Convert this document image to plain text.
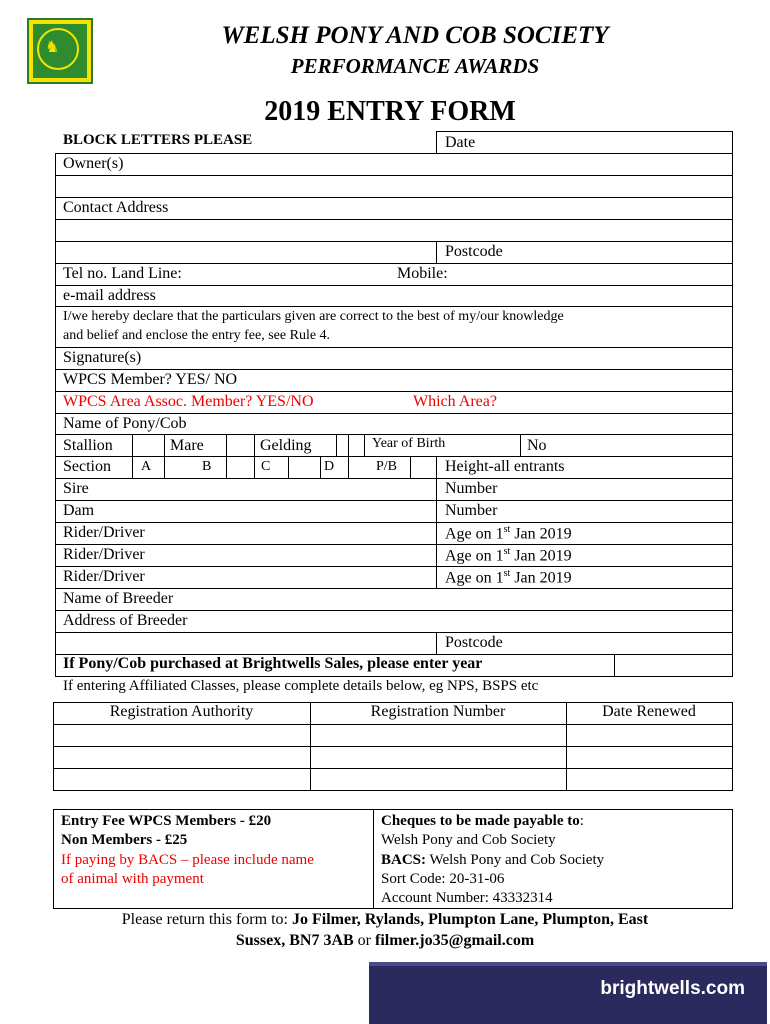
♞	WELSH PONY AND COB SOCIETY
PERFORMANCE AWARDS
2019 ENTRY FORM
BLOCK LETTERS PLEASE	Date
Owner(s)
Contact Address
Postcode
Tel no. Land Line:	Mobile:
e-mail address
I/we hereby declare that the particulars given are correct to the best of my/our knowledge
and belief and enclose the entry fee, see Rule 4.
Signature(s)
WPCS Member? YES/ NO
WPCS Area Assoc. Member? YES/NO	Which Area?
Name of Pony/Cob
Stallion	Mare	Gelding	Year of Birth	No
Section A	B	C	D	P/B	Height-all entrants
Sire	Number
Dam	Number
Rider/Driver	Age on 1st Jan 2019
Rider/Driver	Age on 1st Jan 2019
Rider/Driver	Age on 1st Jan 2019
Name of Breeder
Address of Breeder
Postcode
If Pony/Cob purchased at Brightwells Sales, please enter year
If entering Affiliated Classes, please complete details below, eg NPS, BSPS etc
Registration Authority	Registration Number	Date Renewed
Entry Fee WPCS Members - £20
Non Members - £25
If paying by BACS – please include name
of animal with payment
Cheques to be made payable to:
Welsh Pony and Cob Society
BACS: Welsh Pony and Cob Society
Sort Code: 20-31-06
Account Number: 43332314
Please return this form to: Jo Filmer, Rylands, Plumpton Lane, Plumpton, East
Sussex, BN7 3AB or filmer.jo35@gmail.com
brightwells.com
